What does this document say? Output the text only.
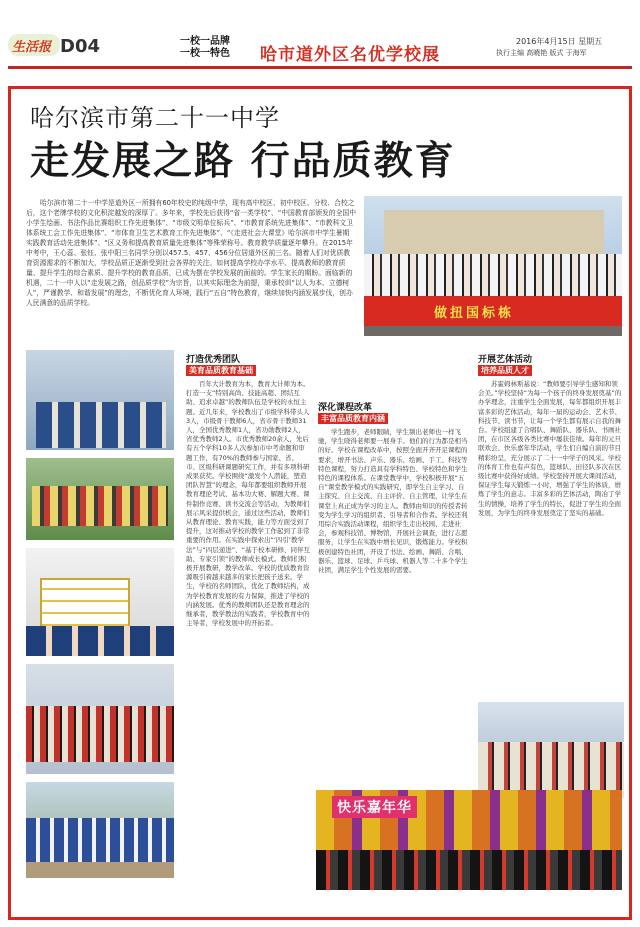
生活报 D04	一校一品牌
一校一特色 哈市道外区名优学校展
2016年4月15日 星期五
执行主编 高曉艳 版式 于海军
哈尔滨市第二十一中学
走发展之路 行品质教育
哈尔滨市第二十一中学是道外区一所拥有60年校史的纯级中学，现有高中校区、初中校区、分校、合校之后，这个老牌学校的文化积淀越发的深厚了。多年来，学校先后获得“省一类学校”、“中国教育部颁发的全国中小学生绘画、书法作品比赛组织工作先进集体”、“市级文明单位标兵”、“市教育系统先进集体”、“市教科文卫体系统工会工作先进集体”、“市体育卫生艺术教育工作先进集体”、“《走进社会大课堂》哈尔滨市中学生暑期实践教育活动先进集体”、“区义务和提高教育质量先进集体”等殊荣称号。教育教学质量逐年攀升。在2015年中考中，王心蕊、张钰、张中阳三名同学分别以457.5、457、456分位居道外区前三名。随着人们对优质教育资源需求的不断加大，学校品质正逐渐受到社会各界的关注。如何提高学校办学水平、提高教师的教育质量、提升学生的综合素质、提升学校的教育品质，已成为摆在学校发展的面前的。学生家长的期盼。面临新的机遇，二十一中人以“走发展之路，创品质学校”为宗旨，以其实际理念为前提，秉承校训“以人为本、立德树人”，严谨教学、和谐发展”的理念，不断优化育人环境，践行“五自”特色教育，继续加快内涵发展步伐，创办人民满意的品质学校。
做扭国标栋
打造优秀团队
美育品质教育基础
百年大计教育为本，教育大计师为本。打造一支“特别高尚、技能高超、团结互助、追求卓越”的教师队伍是学校的永恒主题。近几年来，学校教出了市级学科带头人3人，市级骨干教师6人，省市骨干教师31人，全国优秀教师1人，省功勋教师2人，省优秀教师2人。市优秀教师20余人，先后有五个学科10多人次参加市中考命题和审题工作，有70%的教师参与国家、省、市、区级科研课题研究工作，并有多项科研成果获奖。学校围绕“激发个人潜能，塑造团队智慧”的理念，每年都要组织教师开展教育理论考试、基本功大赛、解题大赛、课件制作竞赛、读书交流会等活动，为教师们展示风采提供机会，通过这些活动，教师们从教育理论、教育实践，能力等方面受到了提升，这对推动学校的教学工作起到了非常重要的作用。在实践中探索出“‘四引’教学法”与“四层递进”、“基于校本研修、同伴互助、专家引领”的教师成长模式。教师们积极开展教研，教学改革。学校的优质教育资源吸引着越来越多的家长把孩子送来。学生，学校的名师团队，优化了教师结构，成为学校教育发展的有力保障，推进了学校的内涵发展。优秀的教师团队还是教育理念的继承者，教学教法的实践者，学校教育中的主导者，学校发展中的开拓者。
深化课程改革
丰富品质教育内涵
学生跑步，老师眼睛，学生频出老师也一样飞驰，学生晓得老师要一展身手。他们的行为都是相当的好。学校在课程改革中，按照全面开齐开足课程的要求，增开书法、声乐、器乐、绘画、手工、科技等特色课程，努力打造具有学科特色、学校特色和学生特色的课程体系。在课堂教学中，学校积极开展“五自”课堂教学模式的实践研究，即学生自主学习、自主探究、自主交流、自主评价、自主管理，让学生在课堂上真正成为学习的主人。教师由知识的传授者转变为学生学习的组织者、引导者和合作者。学校还利用综合实践活动课程，组织学生走出校园、走进社会，参观科技馆、博物馆，开展社会调查，进行志愿服务，让学生在实践中增长见识，锻炼能力。学校积极创建特色社团，开设了书法、绘画、舞蹈、合唱、器乐、篮球、足球、乒乓球、机器人等二十多个学生社团，满足学生个性发展的需要。
开展艺体活动
培养品质人才
苏霍姆林斯基说：“教师要引导学生感知和领会美。”学校坚持“为每一个孩子的终身发展奠基”的办学理念，注重学生全面发展，每年都组织开展丰富多彩的艺体活动，每年一届的运动会、艺术节、科技节、读书节，让每一个学生都有展示自我的舞台。学校组建了合唱队、舞蹈队、器乐队、书画社团，在市区各级各类比赛中屡获佳绩。每年的元旦联欢会、快乐嘉年华活动，学生们自编自演的节目精彩纷呈，充分展示了二十一中学子的风采。学校的体育工作也有声有色，篮球队、田径队多次在区级比赛中获得好成绩。学校坚持开展大课间活动，保证学生每天锻炼一小时，增强了学生的体质，磨炼了学生的意志。丰富多彩的艺体活动，陶冶了学生的情操，培养了学生的特长，促进了学生的全面发展，为学生的终身发展奠定了坚实的基础。
快乐嘉年华
